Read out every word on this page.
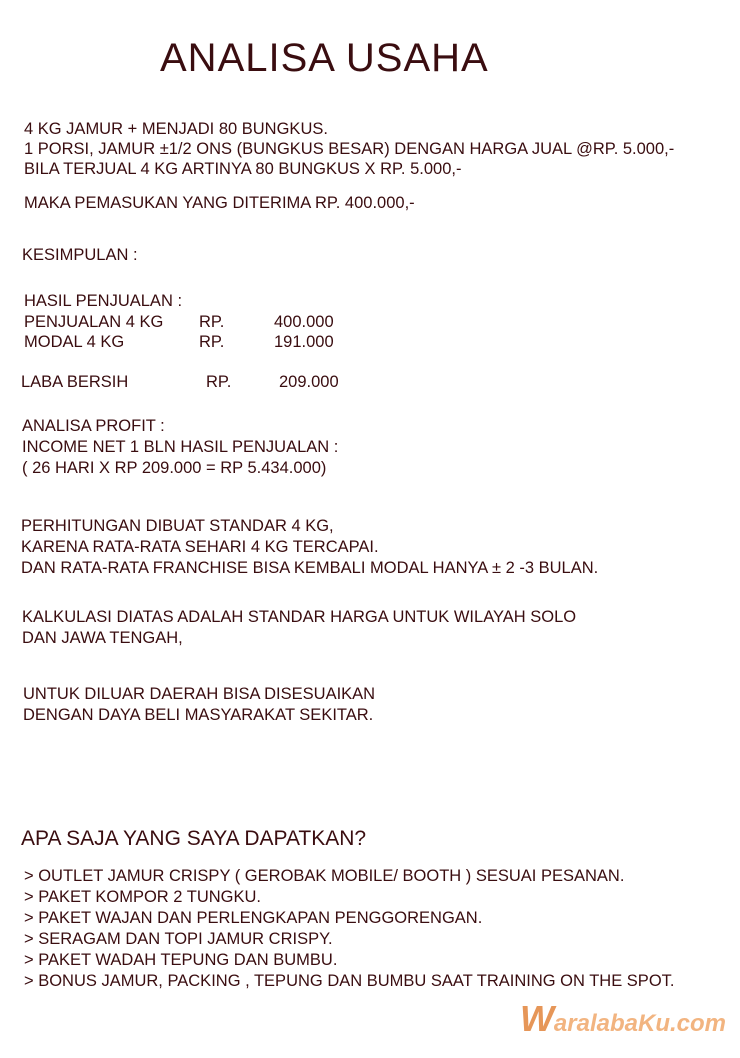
ANALISA USAHA
4 KG JAMUR + MENJADI 80 BUNGKUS.
1 PORSI, JAMUR ±1/2 ONS (BUNGKUS BESAR) DENGAN HARGA JUAL @RP. 5.000,-
BILA TERJUAL 4 KG ARTINYA 80 BUNGKUS X RP. 5.000,-
MAKA PEMASUKAN YANG DITERIMA RP. 400.000,-
KESIMPULAN :
HASIL PENJUALAN :
PENJUALAN 4 KG RP.	400.000
MODAL 4 KG	RP.	191.000
LABA BERSIH	RP.	209.000
ANALISA PROFIT :
INCOME NET 1 BLN HASIL PENJUALAN :
( 26 HARI X RP 209.000 = RP 5.434.000)
PERHITUNGAN DIBUAT STANDAR 4 KG,
KARENA RATA-RATA SEHARI 4 KG TERCAPAI.
DAN RATA-RATA FRANCHISE BISA KEMBALI MODAL HANYA ± 2 -3 BULAN.
KALKULASI DIATAS ADALAH STANDAR HARGA UNTUK WILAYAH SOLO
DAN JAWA TENGAH,
UNTUK DILUAR DAERAH BISA DISESUAIKAN
DENGAN DAYA BELI MASYARAKAT SEKITAR.
APA SAJA YANG SAYA DAPATKAN?
> OUTLET JAMUR CRISPY ( GEROBAK MOBILE/ BOOTH ) SESUAI PESANAN.
> PAKET KOMPOR 2 TUNGKU.
> PAKET WAJAN DAN PERLENGKAPAN PENGGORENGAN.
> SERAGAM DAN TOPI JAMUR CRISPY.
> PAKET WADAH TEPUNG DAN BUMBU.
> BONUS JAMUR, PACKING , TEPUNG DAN BUMBU SAAT TRAINING ON THE SPOT.
WaralabaKu.com
